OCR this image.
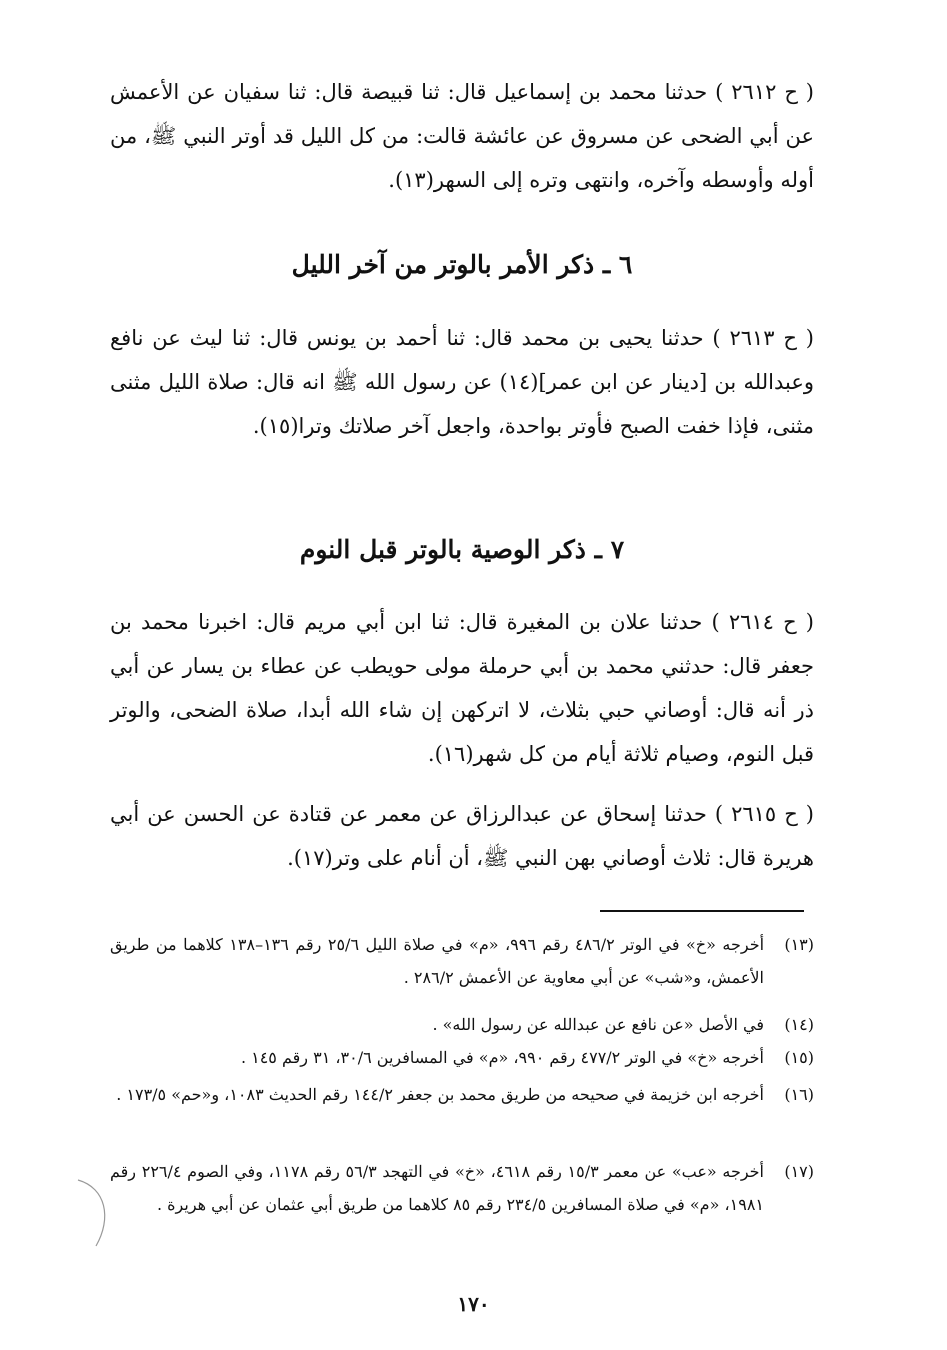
( ح ٢٦١٢ ) حدثنا محمد بن إسماعيل قال: ثنا قبيصة قال: ثنا سفيان عن الأعمش عن أبي الضحى عن مسروق عن عائشة قالت: من كل الليل قد أوتر النبي ﷺ، من أوله وأوسطه وآخره، وانتهى وتره إلى السهر(١٣).
٦ ـ ذكر الأمر بالوتر من آخر الليل
( ح ٢٦١٣ ) حدثنا يحيى بن محمد قال: ثنا أحمد بن يونس قال: ثنا ليث عن نافع وعبدالله بن [دينار عن ابن عمر](١٤) عن رسول الله ﷺ انه قال: صلاة الليل مثنى مثنى، فإذا خفت الصبح فأوتر بواحدة، واجعل آخر صلاتك وترا(١٥).
٧ ـ ذكر الوصية بالوتر قبل النوم
( ح ٢٦١٤ ) حدثنا علان بن المغيرة قال: ثنا ابن أبي مريم قال: اخبرنا محمد بن جعفر قال: حدثني محمد بن أبي حرملة مولى حويطب عن عطاء بن يسار عن أبي ذر أنه قال: أوصاني حبي بثلاث، لا اتركهن إن شاء الله أبدا، صلاة الضحى، والوتر قبل النوم، وصيام ثلاثة أيام من كل شهر(١٦).
( ح ٢٦١٥ ) حدثنا إسحاق عن عبدالرزاق عن معمر عن قتادة عن الحسن عن أبي هريرة قال: ثلاث أوصاني بهن النبي ﷺ، أن أنام على وتر(١٧).
(١٣)
أخرجه «خ» في الوتر ٤٨٦/٢ رقم ٩٩٦، «م» في صلاة الليل ٢٥/٦ رقم ١٣٦–١٣٨ كلاهما من طريق الأعمش، و«شب» عن أبي معاوية عن الأعمش ٢٨٦/٢ .
(١٤)
في الأصل «عن نافع عن عبدالله عن رسول الله» .
(١٥)
أخرجه «خ» في الوتر ٤٧٧/٢ رقم ٩٩٠، «م» في المسافرين ٣٠/٦، ٣١ رقم ١٤٥ .
(١٦)
أخرجه ابن خزيمة في صحيحه من طريق محمد بن جعفر ١٤٤/٢ رقم الحديث ١٠٨٣، و«حم» ١٧٣/٥ .
(١٧)
أخرجه «عب» عن معمر ١٥/٣ رقم ٤٦١٨، «خ» في التهجد ٥٦/٣ رقم ١١٧٨، وفي الصوم ٢٢٦/٤ رقم ١٩٨١، «م» في صلاة المسافرين ٢٣٤/٥ رقم ٨٥ كلاهما من طريق أبي عثمان عن أبي هريرة .
١٧٠
